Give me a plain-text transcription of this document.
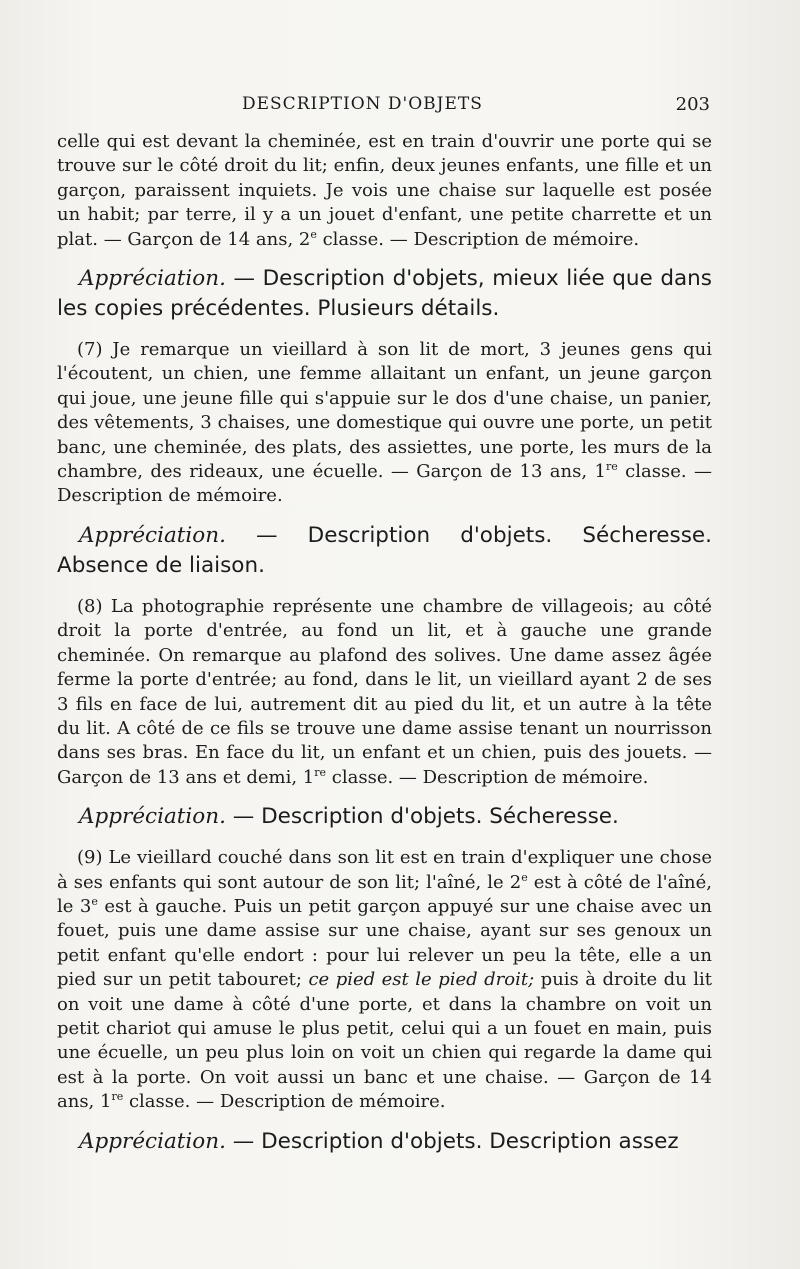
DESCRIPTION D'OBJETS	203

celle qui est devant la cheminée, est en train d'ouvrir une porte qui se trouve sur le côté droit du lit; enfin, deux jeunes enfants, une fille et un garçon, paraissent inquiets. Je vois une chaise sur laquelle est posée un habit; par terre, il y a un jouet d'enfant, une petite charrette et un plat. — Garçon de 14 ans, 2e classe. — Description de mémoire.

Appréciation. — Description d'objets, mieux liée que dans les copies précédentes. Plusieurs détails.

(7) Je remarque un vieillard à son lit de mort, 3 jeunes gens qui l'écoutent, un chien, une femme allaitant un enfant, un jeune garçon qui joue, une jeune fille qui s'appuie sur le dos d'une chaise, un panier, des vêtements, 3 chaises, une domestique qui ouvre une porte, un petit banc, une cheminée, des plats, des assiettes, une porte, les murs de la chambre, des rideaux, une écuelle. — Garçon de 13 ans, 1re classe. — Description de mémoire.

Appréciation. — Description d'objets. Sécheresse. Absence de liaison.

(8) La photographie représente une chambre de villageois; au côté droit la porte d'entrée, au fond un lit, et à gauche une grande cheminée. On remarque au plafond des solives. Une dame assez âgée ferme la porte d'entrée; au fond, dans le lit, un vieillard ayant 2 de ses 3 fils en face de lui, autrement dit au pied du lit, et un autre à la tête du lit. A côté de ce fils se trouve une dame assise tenant un nourrisson dans ses bras. En face du lit, un enfant et un chien, puis des jouets. — Garçon de 13 ans et demi, 1re classe. — Description de mémoire.

Appréciation. — Description d'objets. Sécheresse.

(9) Le vieillard couché dans son lit est en train d'expliquer une chose à ses enfants qui sont autour de son lit; l'aîné, le 2e est à côté de l'aîné, le 3e est à gauche. Puis un petit garçon appuyé sur une chaise avec un fouet, puis une dame assise sur une chaise, ayant sur ses genoux un petit enfant qu'elle endort : pour lui relever un peu la tête, elle a un pied sur un petit tabouret; ce pied est le pied droit; puis à droite du lit on voit une dame à côté d'une porte, et dans la chambre on voit un petit chariot qui amuse le plus petit, celui qui a un fouet en main, puis une écuelle, un peu plus loin on voit un chien qui regarde la dame qui est à la porte. On voit aussi un banc et une chaise. — Garçon de 14 ans, 1re classe. — Description de mémoire.

Appréciation. — Description d'objets. Description assez
